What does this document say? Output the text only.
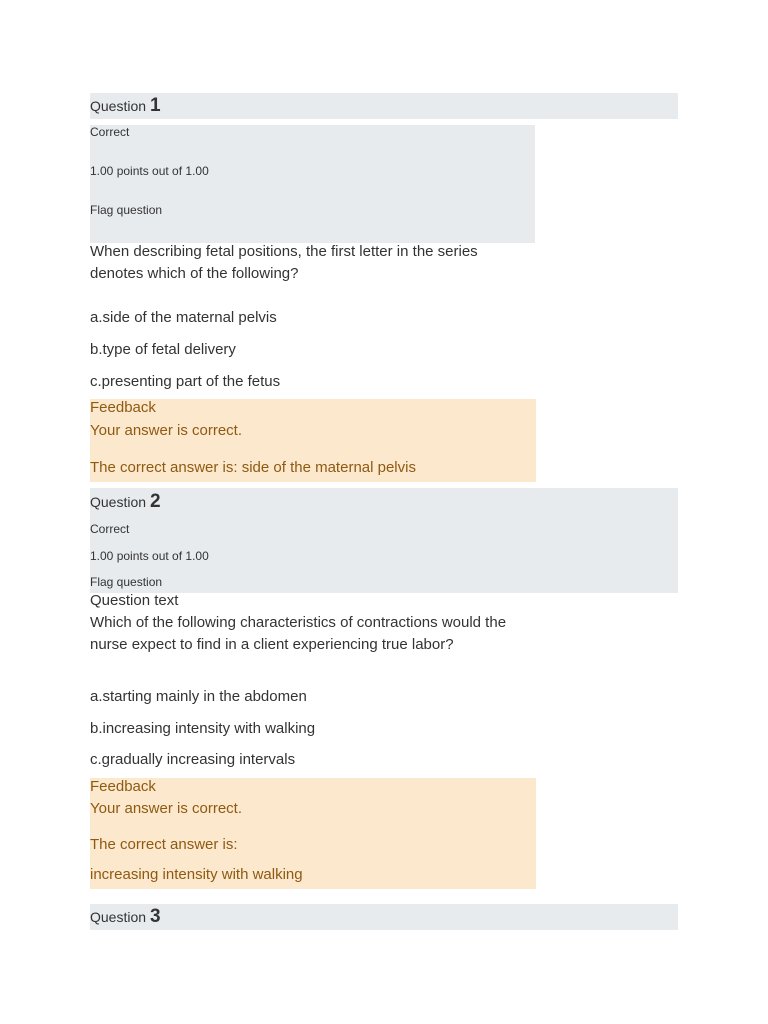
Question 1
Correct
1.00 points out of 1.00
Flag question
When describing fetal positions, the first letter in the series denotes which of the following?
a.side of the maternal pelvis
b.type of fetal delivery
c.presenting part of the fetus
Feedback
Your answer is correct.
The correct answer is: side of the maternal pelvis
Question 2
Correct
1.00 points out of 1.00
Flag question
Question text
Which of the following characteristics of contractions would the nurse expect to find in a client experiencing true labor?
a.starting mainly in the abdomen
b.increasing intensity with walking
c.gradually increasing intervals
Feedback
Your answer is correct.
The correct answer is:
increasing intensity with walking
Question 3
